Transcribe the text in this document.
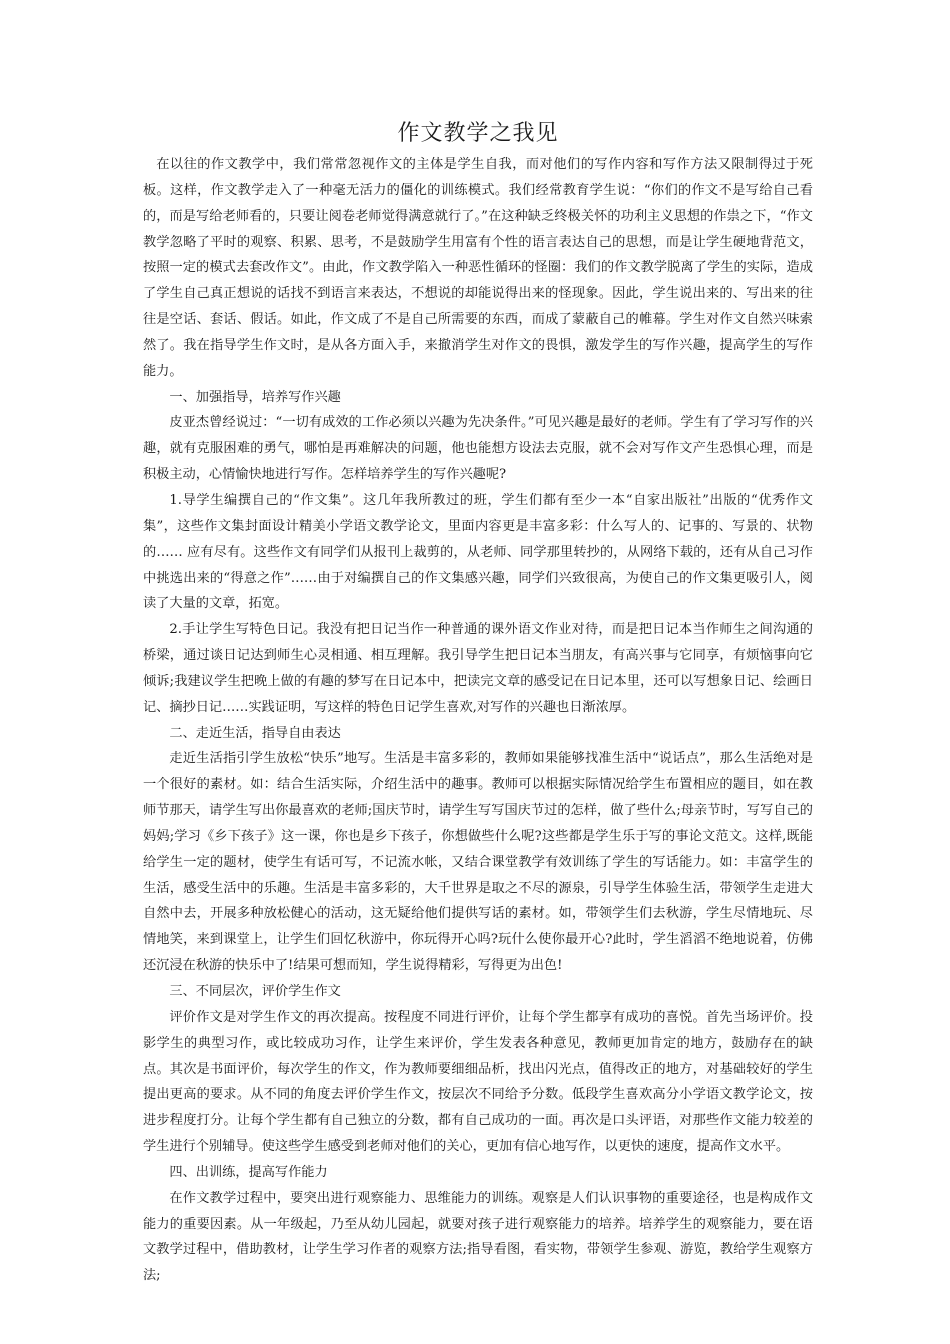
作文教学之我见

在以往的作文教学中，我们常常忽视作文的主体是学生自我，而对他们的写作内容和写作方法又限制得过于死板。这样，作文教学走入了一种毫无活力的僵化的训练模式。我们经常教育学生说：“你们的作文不是写给自己看的，而是写给老师看的，只要让阅卷老师觉得满意就行了。”在这种缺乏终极关怀的功利主义思想的作祟之下，“作文教学忽略了平时的观察、积累、思考，不是鼓励学生用富有个性的语言表达自己的思想，而是让学生硬地背范文，按照一定的模式去套改作文”。由此，作文教学陷入一种恶性循环的怪圈：我们的作文教学脱离了学生的实际，造成了学生自己真正想说的话找不到语言来表达，不想说的却能说得出来的怪现象。因此，学生说出来的、写出来的往往是空话、套话、假话。如此，作文成了不是自己所需要的东西，而成了蒙蔽自己的帷幕。学生对作文自然兴味索然了。我在指导学生作文时，是从各方面入手，来撤消学生对作文的畏惧，激发学生的写作兴趣，提高学生的写作能力。

一、加强指导，培养写作兴趣

皮亚杰曾经说过：“一切有成效的工作必须以兴趣为先决条件。”可见兴趣是最好的老师。学生有了学习写作的兴趣，就有克服困难的勇气，哪怕是再难解决的问题，他也能想方设法去克服，就不会对写作文产生恐惧心理，而是积极主动，心情愉快地进行写作。怎样培养学生的写作兴趣呢?

1.导学生编撰自己的“作文集”。这几年我所教过的班，学生们都有至少一本“自家出版社”出版的“优秀作文集”，这些作文集封面设计精美小学语文教学论文，里面内容更是丰富多彩：什么写人的、记事的、写景的、状物的…… 应有尽有。这些作文有同学们从报刊上裁剪的，从老师、同学那里转抄的，从网络下载的，还有从自己习作中挑选出来的“得意之作”……由于对编撰自己的作文集感兴趣，同学们兴致很高，为使自己的作文集更吸引人，阅读了大量的文章，拓宽。

2.手让学生写特色日记。我没有把日记当作一种普通的课外语文作业对待，而是把日记本当作师生之间沟通的桥梁，通过谈日记达到师生心灵相通、相互理解。我引导学生把日记本当朋友，有高兴事与它同享，有烦恼事向它倾诉;我建议学生把晚上做的有趣的梦写在日记本中，把读完文章的感受记在日记本里，还可以写想象日记、绘画日记、摘抄日记……实践证明，写这样的特色日记学生喜欢,对写作的兴趣也日渐浓厚。

二、走近生活，指导自由表达

走近生活指引学生放松“快乐”地写。生活是丰富多彩的，教师如果能够找准生活中“说话点”，那么生活绝对是一个很好的素材。如：结合生活实际，介绍生活中的趣事。教师可以根据实际情况给学生布置相应的题目，如在教师节那天，请学生写出你最喜欢的老师;国庆节时，请学生写写国庆节过的怎样，做了些什么;母亲节时，写写自己的妈妈;学习《乡下孩子》这一课，你也是乡下孩子，你想做些什么呢?这些都是学生乐于写的事论文范文。这样,既能给学生一定的题材，使学生有话可写，不记流水帐，又结合课堂教学有效训练了学生的写话能力。如：丰富学生的生活，感受生活中的乐趣。生活是丰富多彩的，大千世界是取之不尽的源泉，引导学生体验生活，带领学生走进大自然中去，开展多种放松健心的活动，这无疑给他们提供写话的素材。如，带领学生们去秋游，学生尽情地玩、尽情地笑，来到课堂上，让学生们回忆秋游中，你玩得开心吗?玩什么使你最开心?此时，学生滔滔不绝地说着，仿佛还沉浸在秋游的快乐中了!结果可想而知，学生说得精彩，写得更为出色!

三、不同层次，评价学生作文

评价作文是对学生作文的再次提高。按程度不同进行评价，让每个学生都享有成功的喜悦。首先当场评价。投影学生的典型习作，或比较成功习作，让学生来评价，学生发表各种意见，教师更加肯定的地方，鼓励存在的缺点。其次是书面评价，每次学生的作文，作为教师要细细品析，找出闪光点，值得改正的地方，对基础较好的学生提出更高的要求。从不同的角度去评价学生作文，按层次不同给予分数。低段学生喜欢高分小学语文教学论文，按进步程度打分。让每个学生都有自己独立的分数，都有自己成功的一面。再次是口头评语，对那些作文能力较差的学生进行个别辅导。使这些学生感受到老师对他们的关心，更加有信心地写作，以更快的速度，提高作文水平。

四、出训练，提高写作能力

在作文教学过程中，要突出进行观察能力、思维能力的训练。观察是人们认识事物的重要途径，也是构成作文能力的重要因素。从一年级起，乃至从幼儿园起，就要对孩子进行观察能力的培养。培养学生的观察能力，要在语文教学过程中，借助教材，让学生学习作者的观察方法;指导看图，看实物，带领学生参观、游览，教给学生观察方法;
